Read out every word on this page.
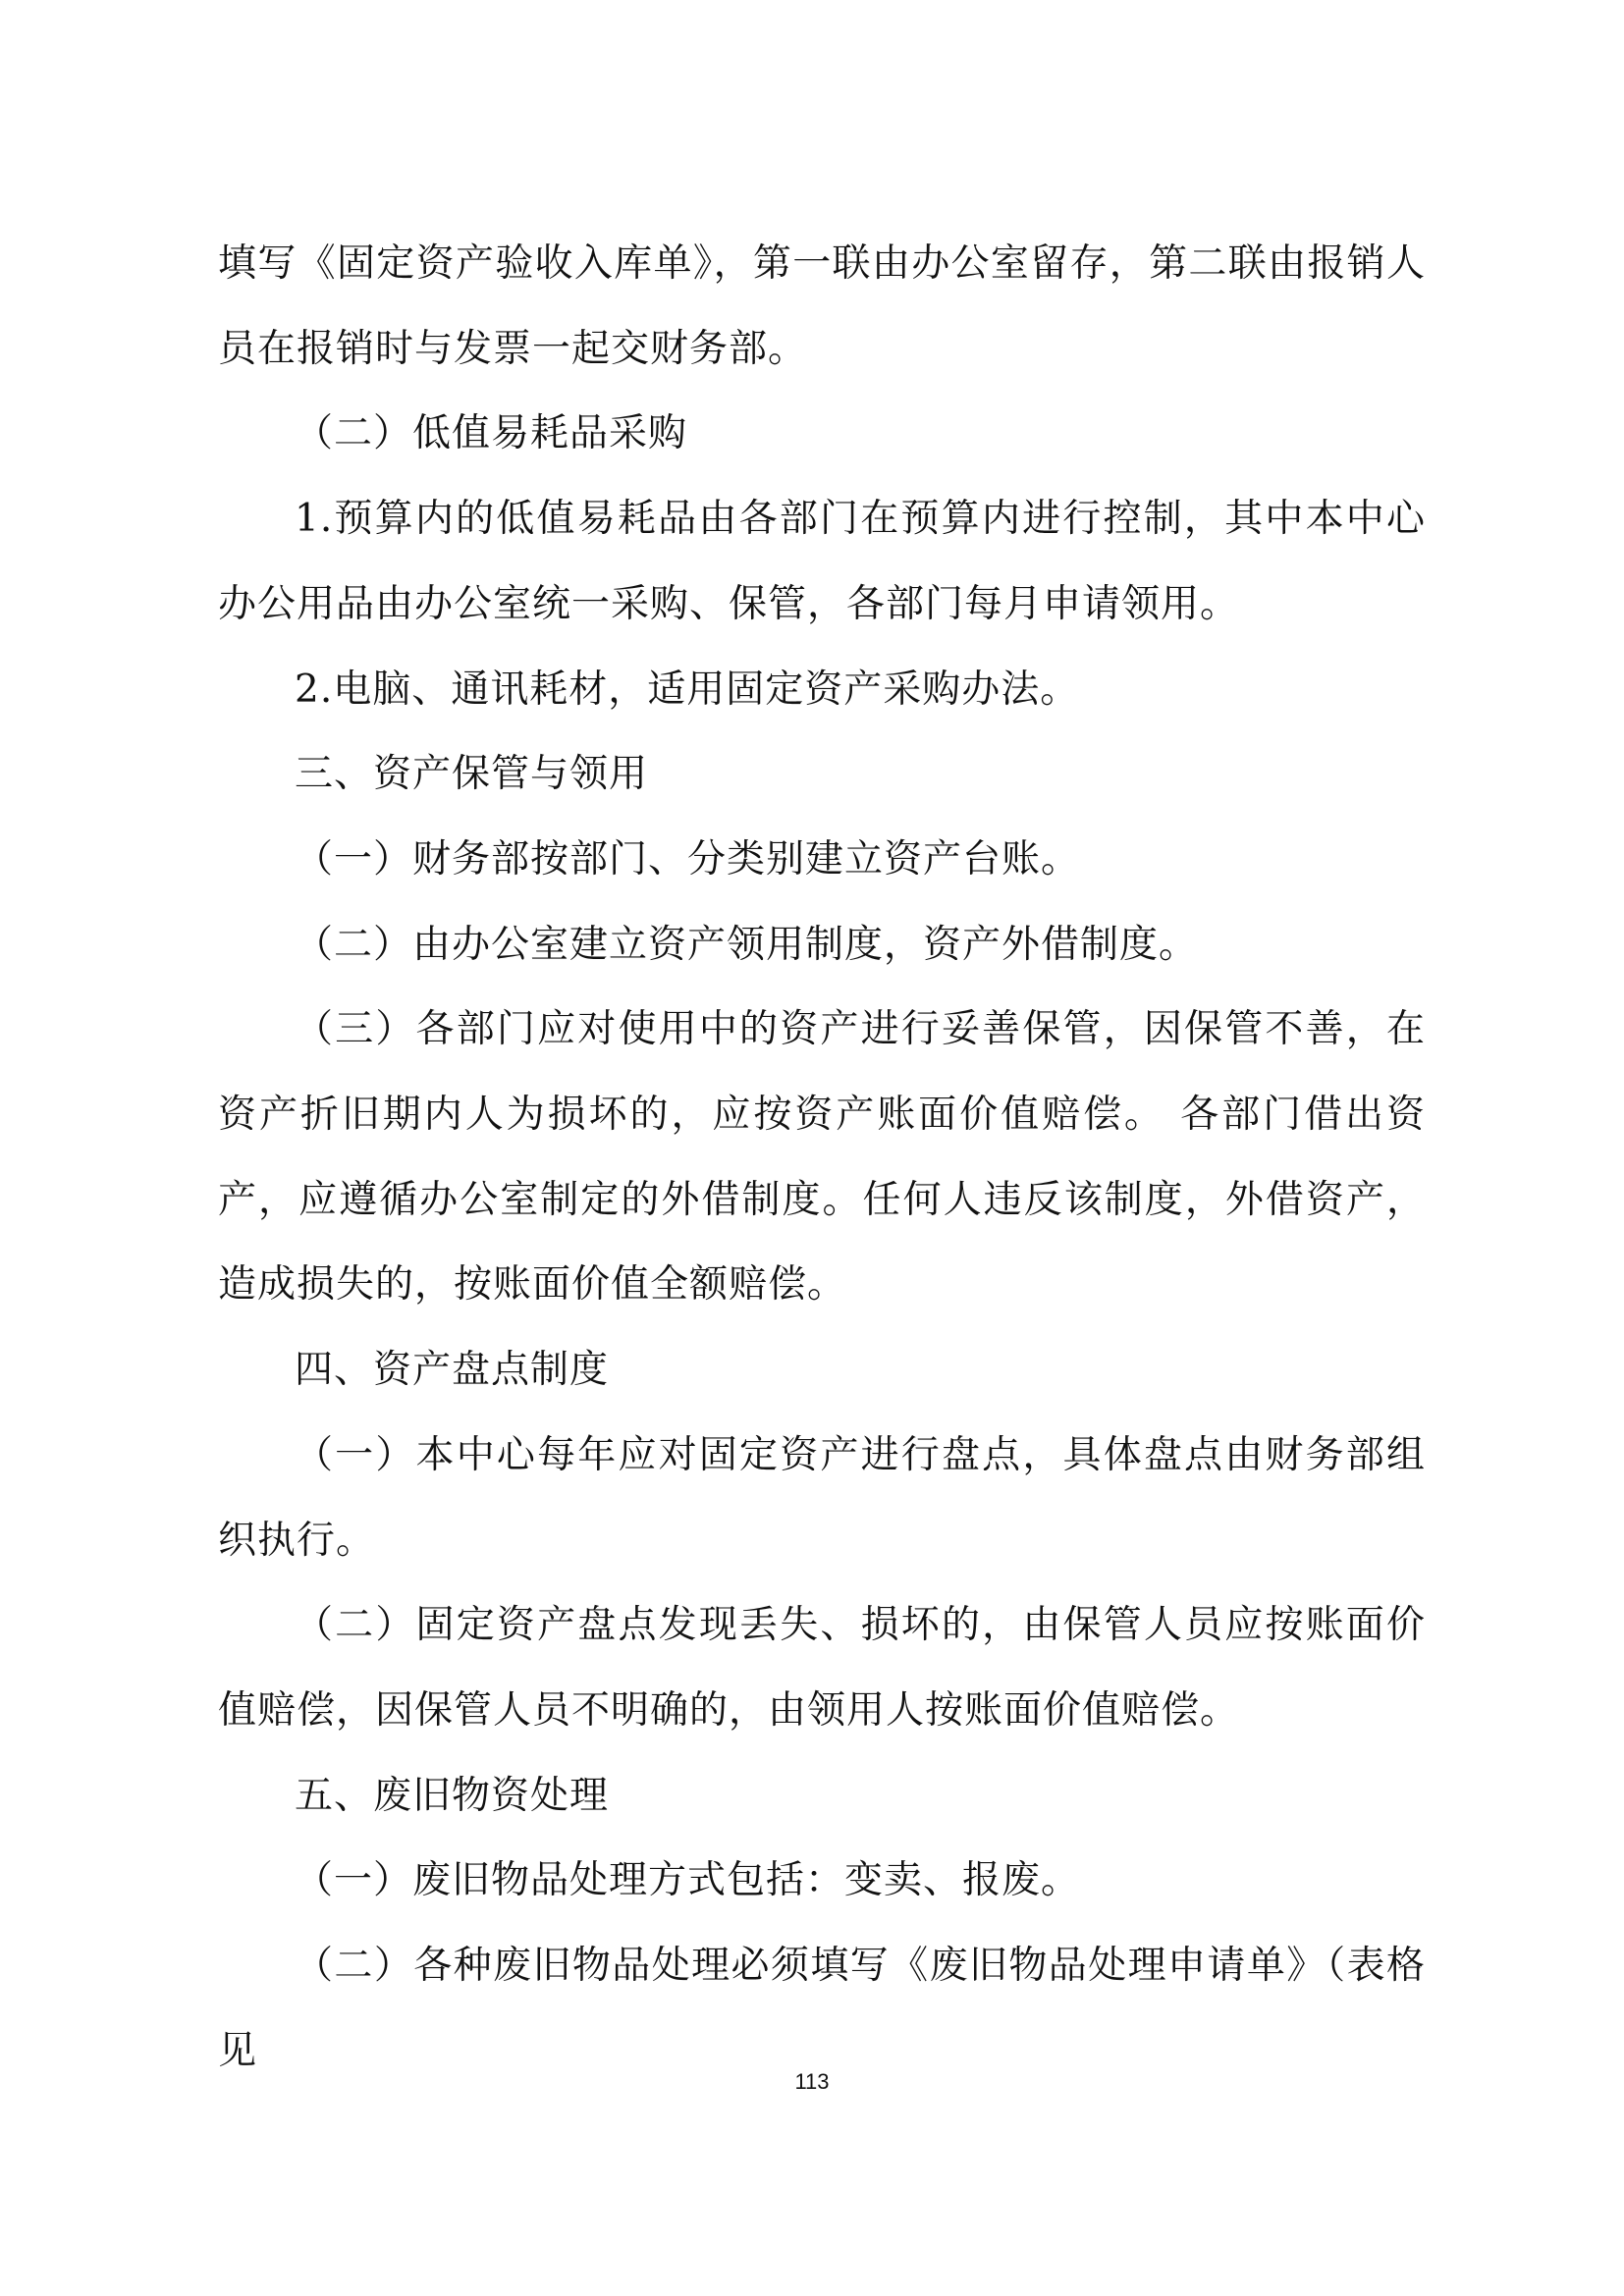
填写《固定资产验收入库单》，第一联由办公室留存，第二联由报销人员在报销时与发票一起交财务部。

（二）低值易耗品采购

1.预算内的低值易耗品由各部门在预算内进行控制，其中本中心办公用品由办公室统一采购、保管，各部门每月申请领用。

2.电脑、通讯耗材，适用固定资产采购办法。

三、资产保管与领用

（一）财务部按部门、分类别建立资产台账。

（二）由办公室建立资产领用制度，资产外借制度。

（三）各部门应对使用中的资产进行妥善保管，因保管不善，在资产折旧期内人为损坏的，应按资产账面价值赔偿。 各部门借出资产，应遵循办公室制定的外借制度。任何人违反该制度，外借资产，造成损失的，按账面价值全额赔偿。

四、资产盘点制度

（一）本中心每年应对固定资产进行盘点，具体盘点由财务部组织执行。

（二）固定资产盘点发现丢失、损坏的，由保管人员应按账面价值赔偿，因保管人员不明确的，由领用人按账面价值赔偿。

五、废旧物资处理

（一）废旧物品处理方式包括：变卖、报废。

（二）各种废旧物品处理必须填写《废旧物品处理申请单》（表格见

113
